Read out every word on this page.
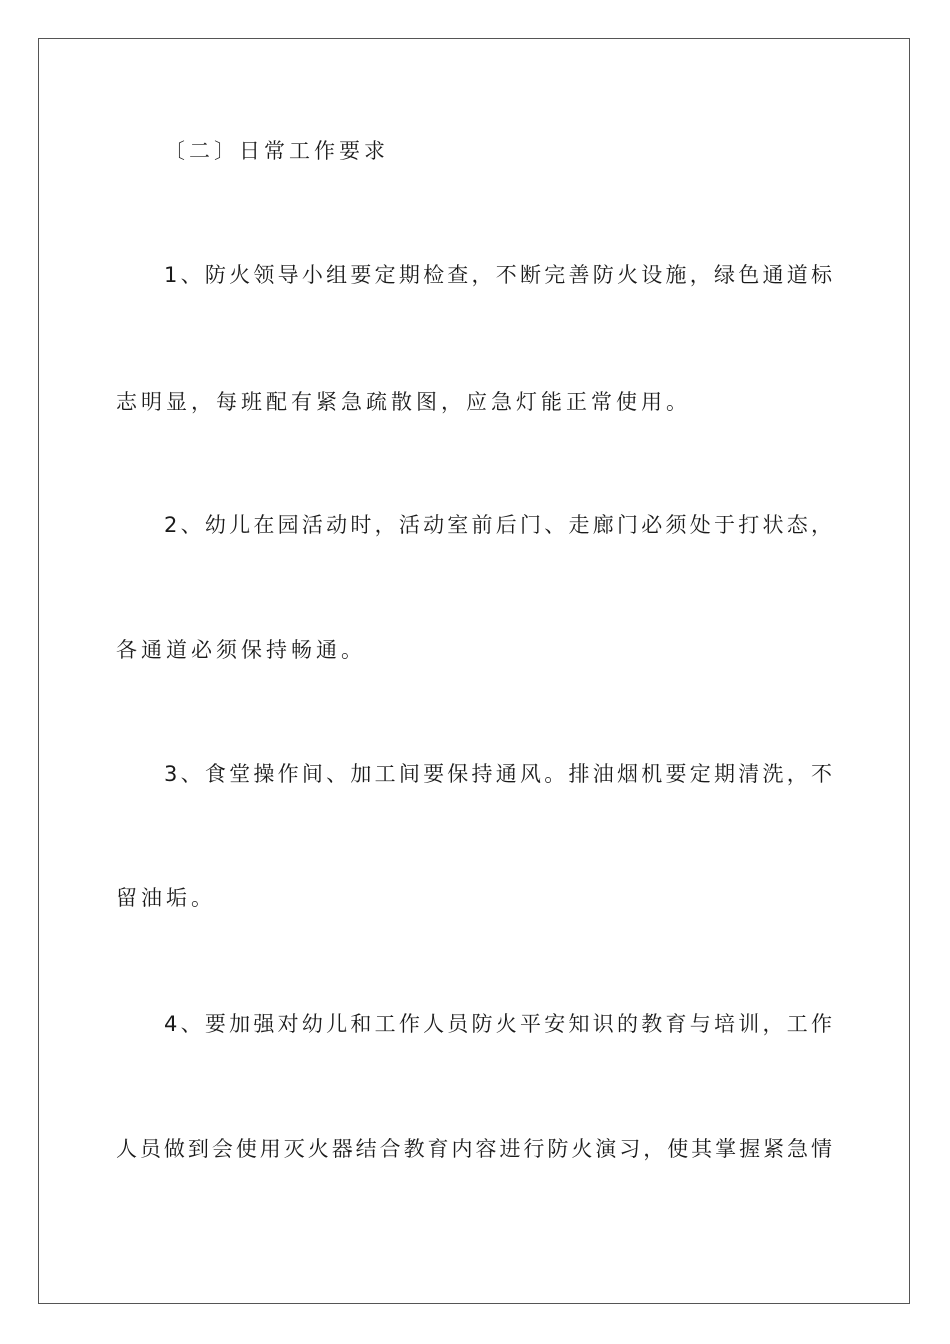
〔二〕日常工作要求
1、防火领导小组要定期检查，不断完善防火设施，绿色通道标
志明显，每班配有紧急疏散图，应急灯能正常使用。
2、幼儿在园活动时，活动室前后门、走廊门必须处于打状态，
各通道必须保持畅通。
3、食堂操作间、加工间要保持通风。排油烟机要定期清洗，不
留油垢。
4、要加强对幼儿和工作人员防火平安知识的教育与培训，工作
人员做到会使用灭火器结合教育内容进行防火演习，使其掌握紧急情
